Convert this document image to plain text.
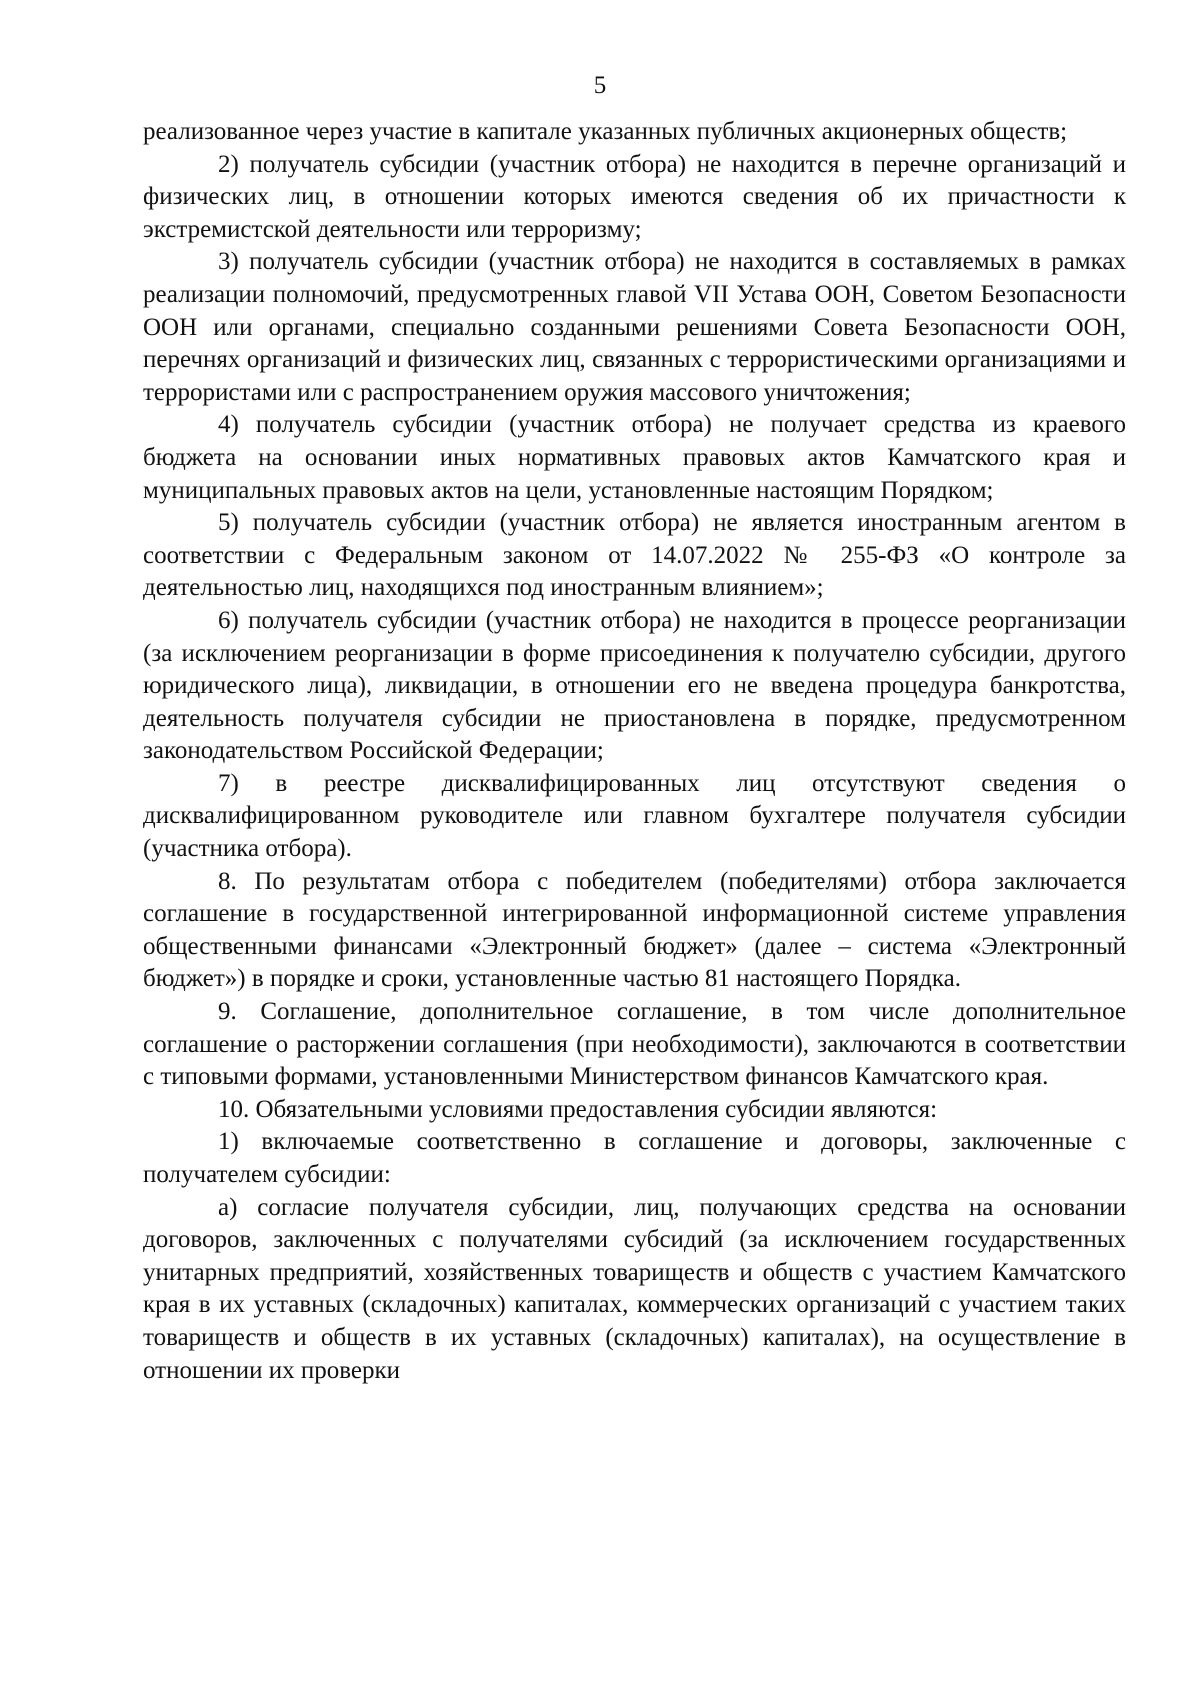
5

реализованное через участие в капитале указанных публичных акционерных обществ;

2) получатель субсидии (участник отбора) не находится в перечне организаций и физических лиц, в отношении которых имеются сведения об их причастности к экстремистской деятельности или терроризму;

3) получатель субсидии (участник отбора) не находится в составляемых в рамках реализации полномочий, предусмотренных главой VII Устава ООН, Советом Безопасности ООН или органами, специально созданными решениями Совета Безопасности ООН, перечнях организаций и физических лиц, связанных с террористическими организациями и террористами или с распространением оружия массового уничтожения;

4) получатель субсидии (участник отбора) не получает средства из краевого бюджета на основании иных нормативных правовых актов Камчатского края и муниципальных правовых актов на цели, установленные настоящим Порядком;

5) получатель субсидии (участник отбора) не является иностранным агентом в соответствии с Федеральным законом от 14.07.2022 № 255-ФЗ «О контроле за деятельностью лиц, находящихся под иностранным влиянием»;

6) получатель субсидии (участник отбора) не находится в процессе реорганизации (за исключением реорганизации в форме присоединения к получателю субсидии, другого юридического лица), ликвидации, в отношении его не введена процедура банкротства, деятельность получателя субсидии не приостановлена в порядке, предусмотренном законодательством Российской Федерации;

7) в реестре дисквалифицированных лиц отсутствуют сведения о дисквалифицированном руководителе или главном бухгалтере получателя субсидии (участника отбора).

8. По результатам отбора с победителем (победителями) отбора заключается соглашение в государственной интегрированной информационной системе управления общественными финансами «Электронный бюджет» (далее – система «Электронный бюджет») в порядке и сроки, установленные частью 81 настоящего Порядка.

9. Соглашение, дополнительное соглашение, в том числе дополнительное соглашение о расторжении соглашения (при необходимости), заключаются в соответствии с типовыми формами, установленными Министерством финансов Камчатского края.

10. Обязательными условиями предоставления субсидии являются:

1) включаемые соответственно в соглашение и договоры, заключенные с получателем субсидии:

а) согласие получателя субсидии, лиц, получающих средства на основании договоров, заключенных с получателями субсидий (за исключением государственных унитарных предприятий, хозяйственных товариществ и обществ с участием Камчатского края в их уставных (складочных) капиталах, коммерческих организаций с участием таких товариществ и обществ в их уставных (складочных) капиталах), на осуществление в отношении их проверки
